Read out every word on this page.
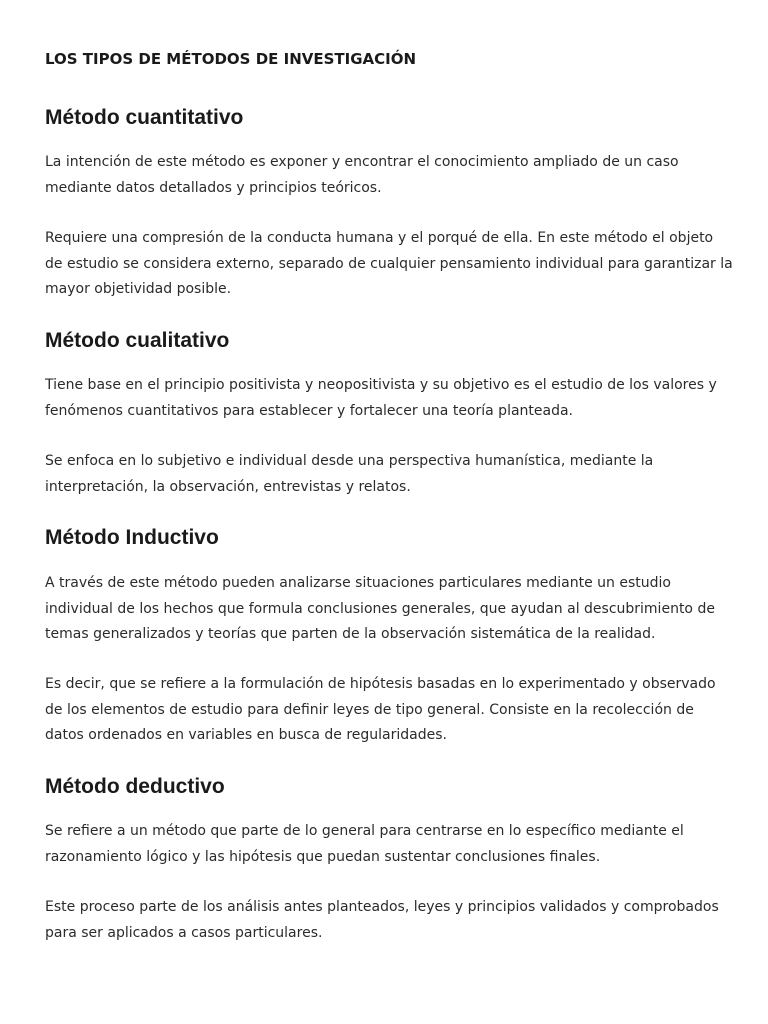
LOS TIPOS DE MÉTODOS DE INVESTIGACIÓN
Método cuantitativo

La intención de este método es exponer y encontrar el conocimiento ampliado de un caso mediante datos detallados y principios teóricos.

Requiere una compresión de la conducta humana y el porqué de ella. En este método el objeto de estudio se considera externo, separado de cualquier pensamiento individual para garantizar la mayor objetividad posible.

Método cualitativo

Tiene base en el principio positivista y neopositivista y su objetivo es el estudio de los valores y fenómenos cuantitativos para establecer y fortalecer una teoría planteada.

Se enfoca en lo subjetivo e individual desde una perspectiva humanística, mediante la interpretación, la observación, entrevistas y relatos.

Método Inductivo

A través de este método pueden analizarse situaciones particulares mediante un estudio individual de los hechos que formula conclusiones generales, que ayudan al descubrimiento de temas generalizados y teorías que parten de la observación sistemática de la realidad.

Es decir, que se refiere a la formulación de hipótesis basadas en lo experimentado y observado de los elementos de estudio para definir leyes de tipo general. Consiste en la recolección de datos ordenados en variables en busca de regularidades.

Método deductivo

Se refiere a un método que parte de lo general para centrarse en lo específico mediante el razonamiento lógico y las hipótesis que puedan sustentar conclusiones finales.

Este proceso parte de los análisis antes planteados, leyes y principios validados y comprobados para ser aplicados a casos particulares.
